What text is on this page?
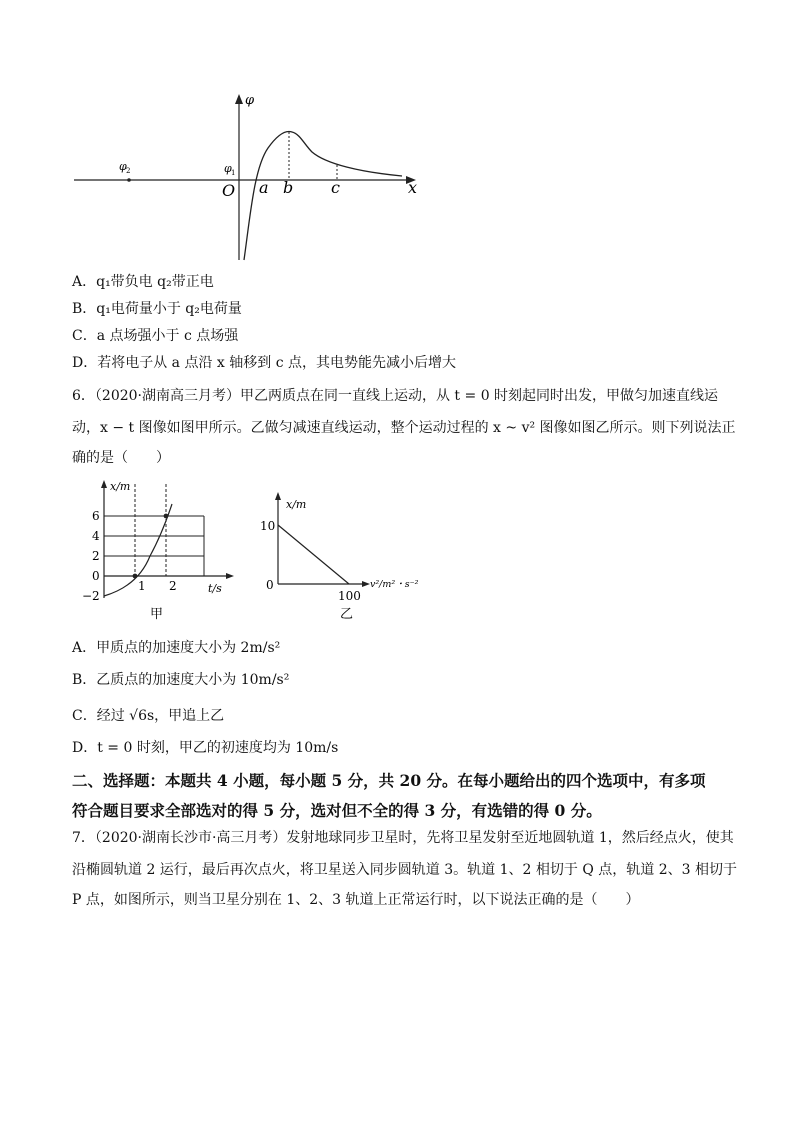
φ
x
O
φ 1
φ 2
a b c
A．q₁带负电 q₂带正电
B．q₁电荷量小于 q₂电荷量
C．a 点场强小于 c 点场强
D．若将电子从 a 点沿 x 轴移到 c 点，其电势能先减小后增大
6．（2020·湖南高三月考）甲乙两质点在同一直线上运动，从 t = 0 时刻起同时出发，甲做匀加速直线运
动，x − t 图像如图甲所示。乙做匀减速直线运动，整个运动过程的 x ~ v² 图像如图乙所示。则下列说法正
确的是（　　）
x/m
6
4
2
0
−2
1 2	t/s
甲
x/m
10
0
100
v²/m²・s⁻²
乙
A．甲质点的加速度大小为 2m/s²
B．乙质点的加速度大小为 10m/s²
C．经过 √6s，甲追上乙
D．t = 0 时刻，甲乙的初速度均为 10m/s
二、选择题：本题共 4 小题，每小题 5 分，共 20 分。在每小题给出的四个选项中，有多项
符合题目要求全部选对的得 5 分，选对但不全的得 3 分，有选错的得 0 分。
7．（2020·湖南长沙市·高三月考）发射地球同步卫星时，先将卫星发射至近地圆轨道 1，然后经点火，使其
沿椭圆轨道 2 运行，最后再次点火，将卫星送入同步圆轨道 3。轨道 1、2 相切于 Q 点，轨道 2、3 相切于
P 点，如图所示，则当卫星分别在 1、2、3 轨道上正常运行时，以下说法正确的是（　　）
